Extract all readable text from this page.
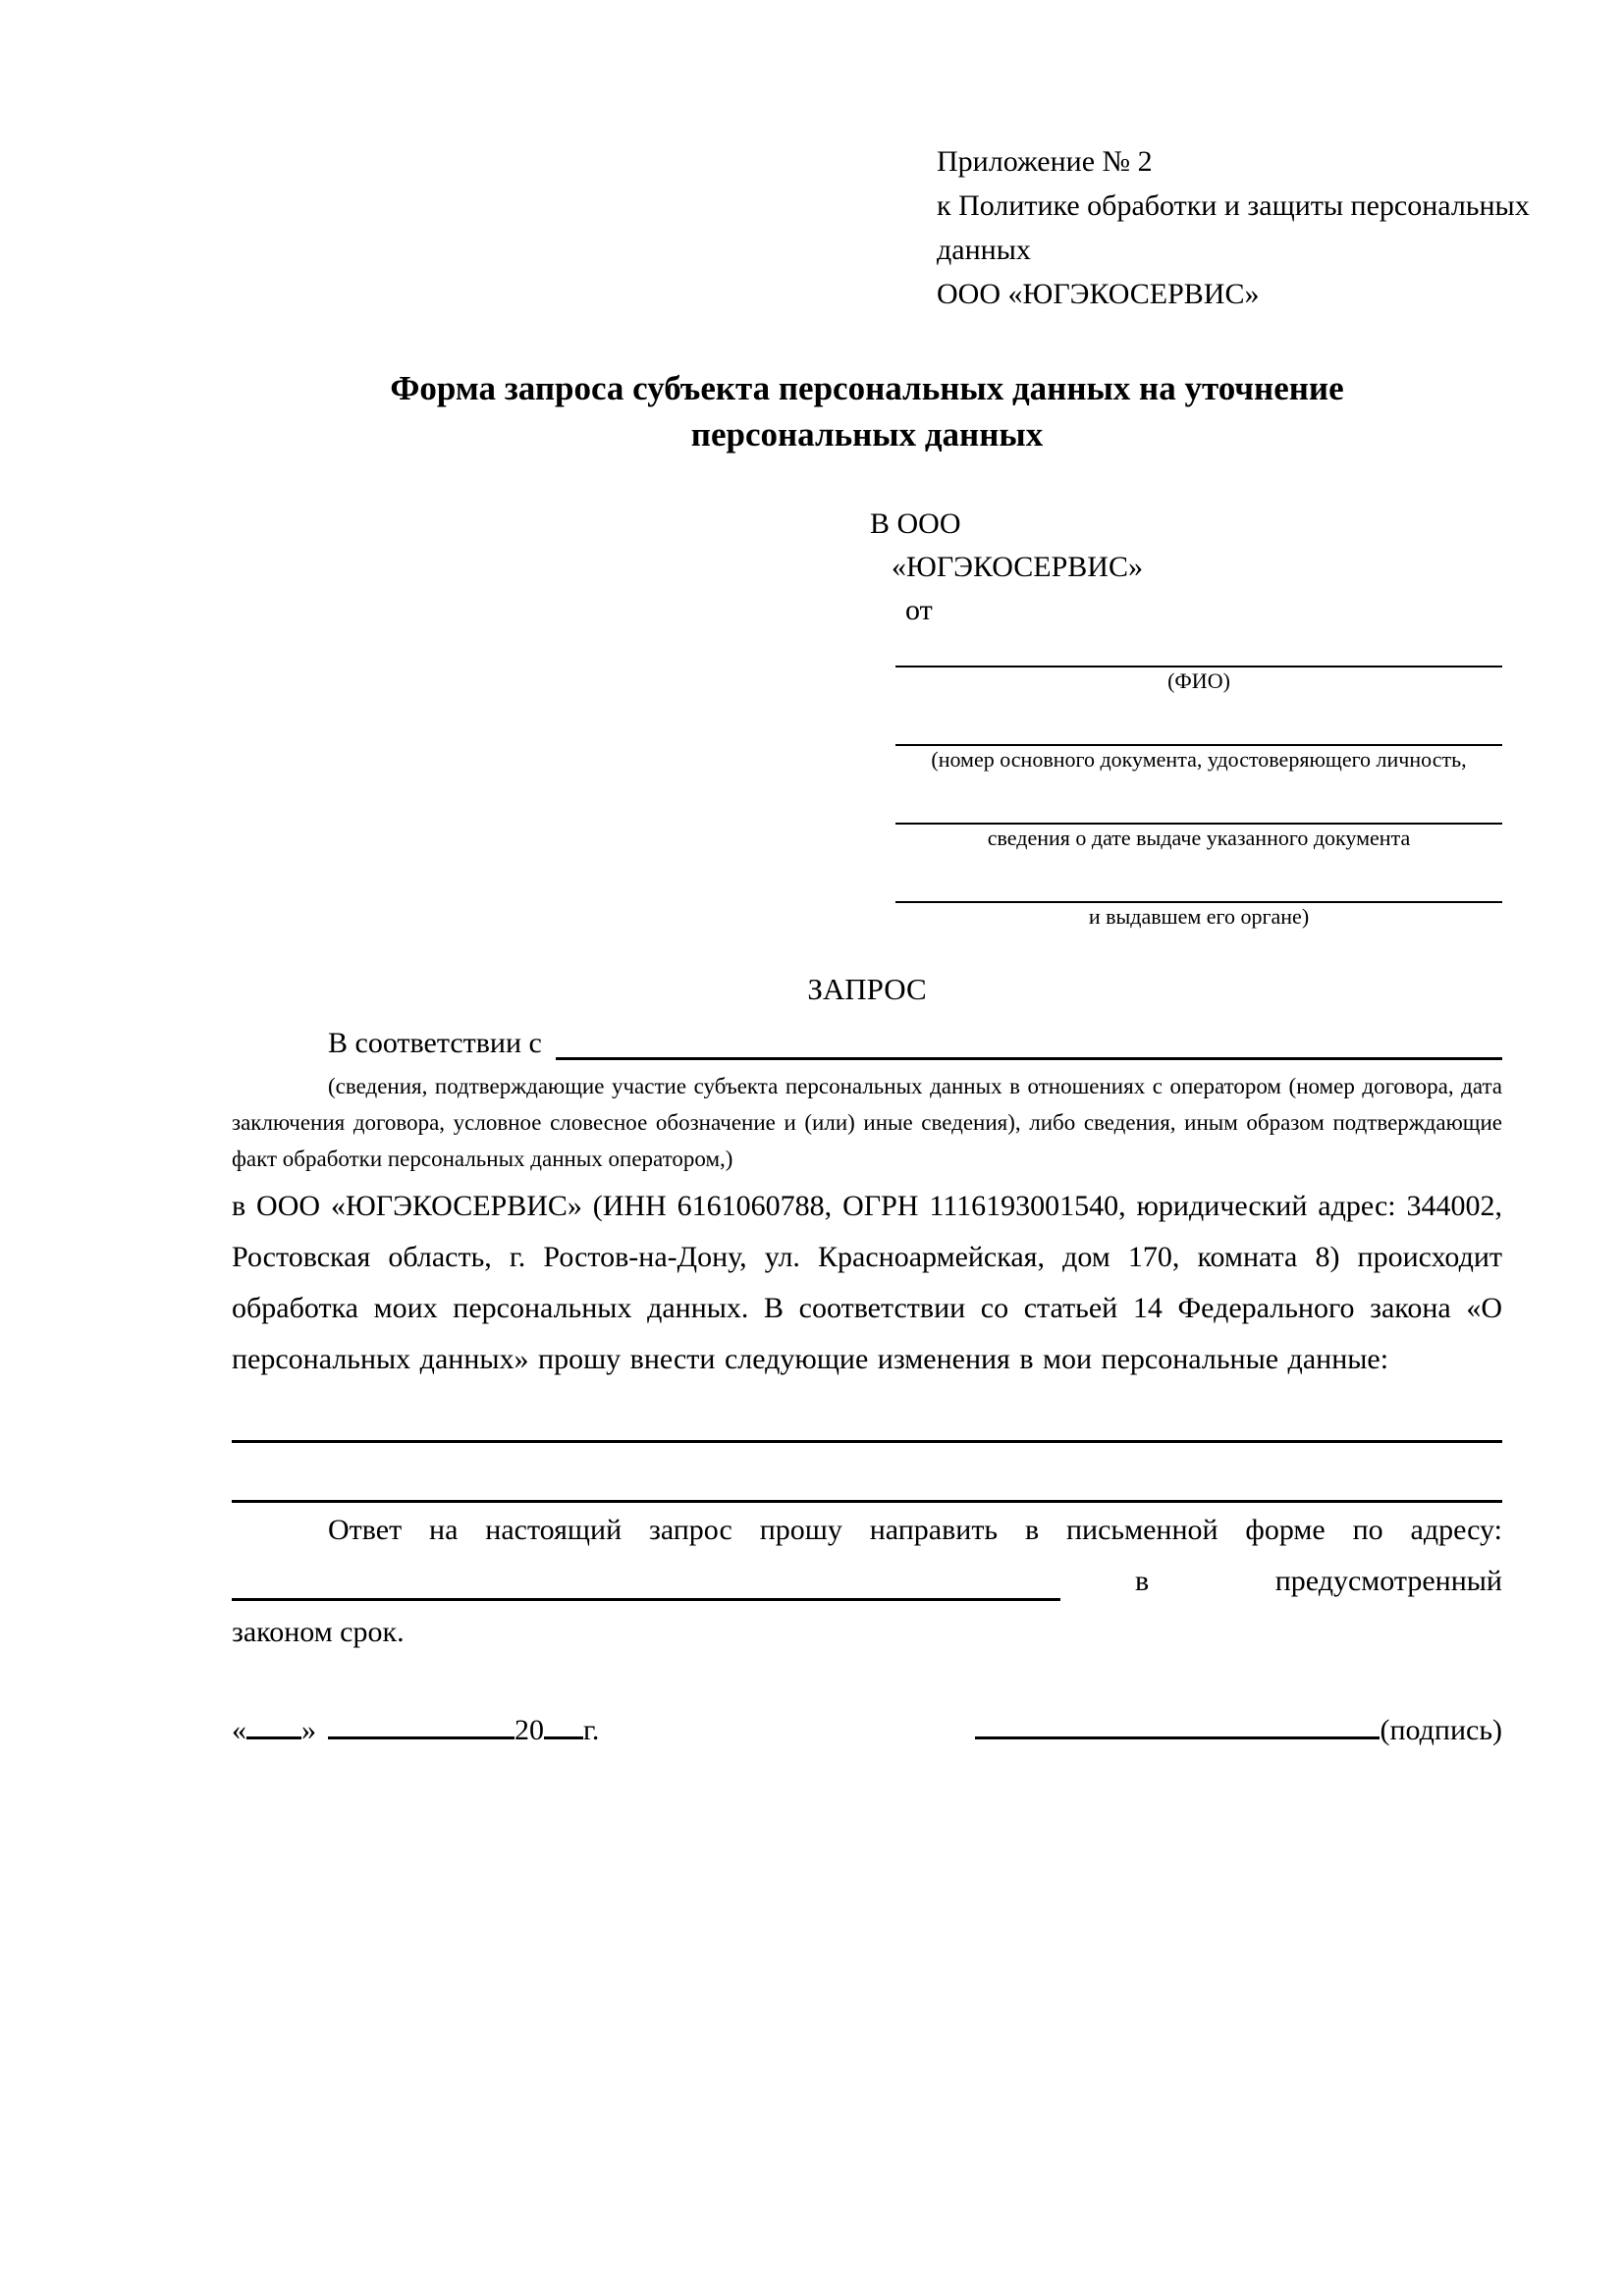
Приложение № 2
к Политике обработки и защиты персональных данных
ООО «ЮГЭКОСЕРВИС»
Форма запроса субъекта персональных данных на уточнение
персональных данных
В ООО
«ЮГЭКОСЕРВИС»
от
(ФИО)
(номер основного документа, удостоверяющего личность,
сведения о дате выдаче указанного документа
и выдавшем его органе)
ЗАПРОС
В соответствии с
(сведения, подтверждающие участие субъекта персональных данных в отношениях с оператором (номер договора, дата заключения договора, условное словесное обозначение и (или) иные сведения), либо сведения, иным образом подтверждающие факт обработки персональных данных оператором,)
в ООО «ЮГЭКОСЕРВИС» (ИНН 6161060788, ОГРН 1116193001540, юридический адрес: 344002, Ростовская область, г. Ростов-на-Дону, ул. Красноармейская, дом 170, комната 8) происходит обработка моих персональных данных. В соответствии со статьей 14 Федерального закона «О персональных данных» прошу внести следующие изменения в мои персональные данные:
Ответ на настоящий запрос прошу направить в письменной форме по адресу:
в	предусмотренный
законом срок.
« »	20 г.	(подпись)
